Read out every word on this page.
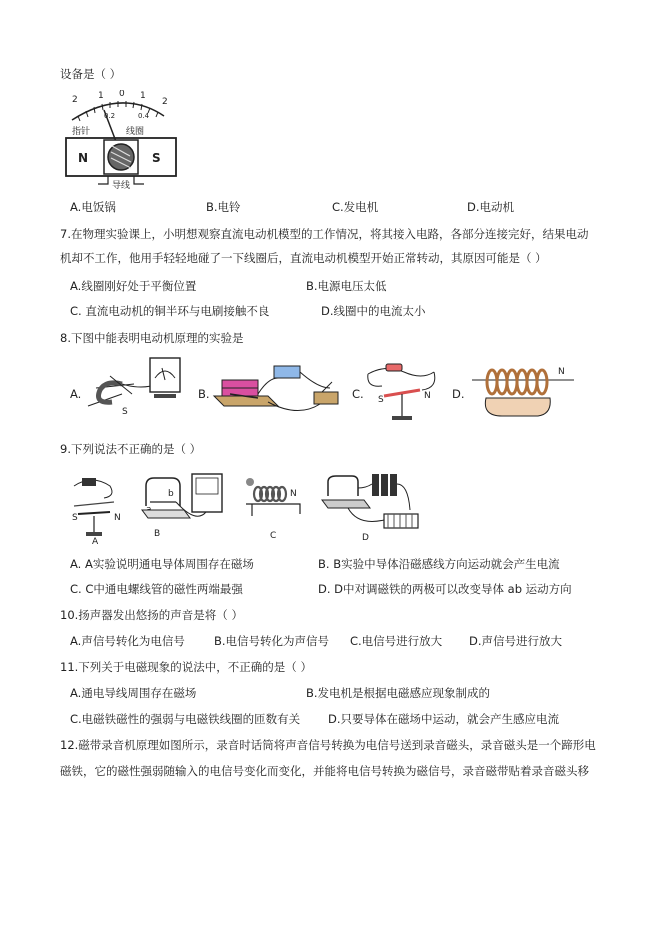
设备是（ ）
2 1 0 1
2
0.2	0.4
指针	线圈
N	S
导线
A.电饭锅	B.电铃	C.发电机	D.电动机
7.在物理实验课上，小明想观察直流电动机模型的工作情况，将其接入电路，各部分连接完好，结果电动
机却不工作，他用手轻轻地碰了一下线圈后，直流电动机模型开始正常转动，其原因可能是（ ）
A.线圈刚好处于平衡位置	B.电源电压太低
C. 直流电动机的铜半环与电刷接触不良	D.线圈中的电流太小
8.下图中能表明电动机原理的实验是
A.
S
B.	C. S	N D.
N
9.下列说法不正确的是（ ）
S	N
A
b
B
N
C	D
A. A实验说明通电导体周围存在磁场	B. B实验中导体沿磁感线方向运动就会产生电流
C. C中通电螺线管的磁性两端最强	D. D中对调磁铁的两极可以改变导体 ab 运动方向
10.扬声器发出悠扬的声音是将（ ）
A.声信号转化为电信号	B.电信号转化为声信号 C.电信号进行放大 D.声信号进行放大
11.下列关于电磁现象的说法中，不正确的是（ ）
A.通电导线周围存在磁场	B.发电机是根据电磁感应现象制成的
C.电磁铁磁性的强弱与电磁铁线圈的匝数有关 D.只要导体在磁场中运动，就会产生感应电流
12.磁带录音机原理如图所示，录音时话筒将声音信号转换为电信号送到录音磁头，录音磁头是一个蹄形电
磁铁，它的磁性强弱随输入的电信号变化而变化，并能将电信号转换为磁信号，录音磁带贴着录音磁头移
